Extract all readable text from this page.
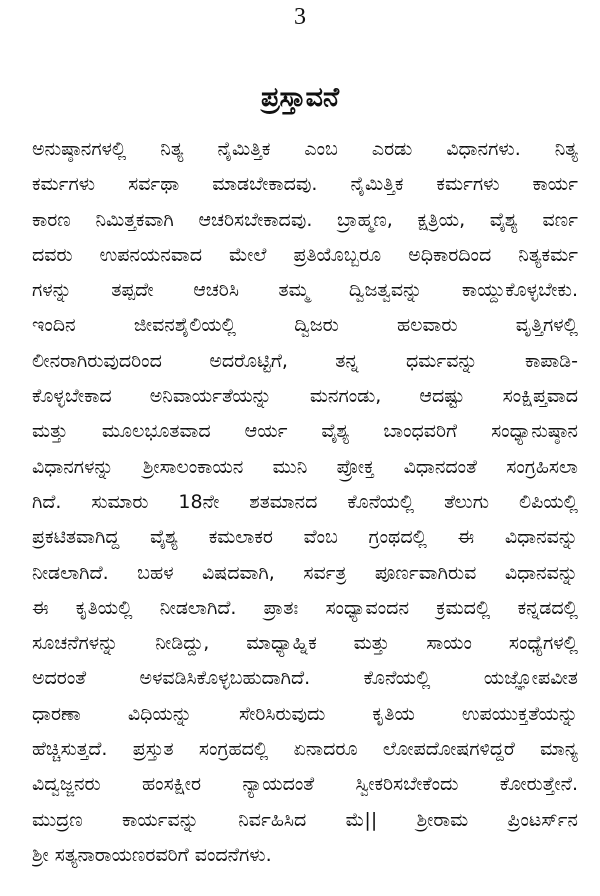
3
ಪ್ರಸ್ತಾವನೆ
ಅನುಷ್ಠಾನಗಳಲ್ಲಿ ನಿತ್ಯ ನೈಮಿತ್ತಿಕ ಎಂಬ ಎರಡು ವಿಧಾನಗಳು. ನಿತ್ಯ
ಕರ್ಮಗಳು ಸರ್ವಥಾ ಮಾಡಬೇಕಾದವು. ನೈಮಿತ್ತಿಕ ಕರ್ಮಗಳು ಕಾರ್ಯ
ಕಾರಣ ನಿಮಿತ್ತಕವಾಗಿ ಆಚರಿಸಬೇಕಾದವು. ಬ್ರಾಹ್ಮಣ, ಕ್ಷತ್ರಿಯ, ವೈಶ್ಯ ವರ್ಣ
ದವರು ಉಪನಯನವಾದ ಮೇಲೆ ಪ್ರತಿಯೊಬ್ಬರೂ ಅಧಿಕಾರದಿಂದ ನಿತ್ಯಕರ್ಮ
ಗಳನ್ನು ತಪ್ಪದೇ ಆಚರಿಸಿ ತಮ್ಮ ದ್ವಿಜತ್ವವನ್ನು ಕಾಯ್ದುಕೊಳ್ಳಬೇಕು.
ಇಂದಿನ ಜೀವನಶೈಲಿಯಲ್ಲಿ ದ್ವಿಜರು ಹಲವಾರು ವೃತ್ತಿಗಳಲ್ಲಿ
ಲೀನರಾಗಿರುವುದರಿಂದ ಅದರೊಟ್ಟಿಗೆ, ತನ್ನ ಧರ್ಮವನ್ನು ಕಾಪಾಡಿ-
ಕೊಳ್ಳಬೇಕಾದ ಅನಿವಾರ್ಯತೆಯನ್ನು ಮನಗಂಡು, ಆದಷ್ಟು ಸಂಕ್ಷಿಪ್ತವಾದ
ಮತ್ತು ಮೂಲಭೂತವಾದ ಆರ್ಯ ವೈಶ್ಯ ಬಾಂಧವರಿಗೆ ಸಂಧ್ಯಾನುಷ್ಠಾನ
ವಿಧಾನಗಳನ್ನು ಶ್ರೀಸಾಲಂಕಾಯನ ಮುನಿ ಪ್ರೋಕ್ತ ವಿಧಾನದಂತೆ ಸಂಗ್ರಹಿಸಲಾ
ಗಿದೆ. ಸುಮಾರು 18ನೇ ಶತಮಾನದ ಕೊನೆಯಲ್ಲಿ ತೆಲುಗು ಲಿಪಿಯಲ್ಲಿ
ಪ್ರಕಟಿತವಾಗಿದ್ದ ವೈಶ್ಯ ಕಮಲಾಕರ ವೆಂಬ ಗ್ರಂಥದಲ್ಲಿ ಈ ವಿಧಾನವನ್ನು
ನೀಡಲಾಗಿದೆ. ಬಹಳ ವಿಷದವಾಗಿ, ಸರ್ವತ್ರ ಪೂರ್ಣವಾಗಿರುವ ವಿಧಾನವನ್ನು
ಈ ಕೃತಿಯಲ್ಲಿ ನೀಡಲಾಗಿದೆ. ಪ್ರಾತಃ ಸಂಧ್ಯಾವಂದನ ಕ್ರಮದಲ್ಲಿ ಕನ್ನಡದಲ್ಲಿ
ಸೂಚನೆಗಳನ್ನು ನೀಡಿದ್ದು, ಮಾಧ್ಯಾಹ್ನಿಕ ಮತ್ತು ಸಾಯಂ ಸಂಧ್ಯೆಗಳಲ್ಲಿ
ಅದರಂತೆ ಅಳವಡಿಸಿಕೊಳ್ಳಬಹುದಾಗಿದೆ. ಕೊನೆಯಲ್ಲಿ ಯಜ್ಞೋಪವೀತ
ಧಾರಣಾ ವಿಧಿಯನ್ನು ಸೇರಿಸಿರುವುದು ಕೃತಿಯ ಉಪಯುಕ್ತತೆಯನ್ನು
ಹೆಚ್ಚಿಸುತ್ತದೆ. ಪ್ರಸ್ತುತ ಸಂಗ್ರಹದಲ್ಲಿ ಏನಾದರೂ ಲೋಪದೋಷಗಳಿದ್ದರೆ ಮಾನ್ಯ
ವಿದ್ವಜ್ಜನರು ಹಂಸಕ್ಷೀರ ನ್ಯಾಯದಂತೆ ಸ್ವೀಕರಿಸಬೇಕೆಂದು ಕೋರುತ್ತೇನೆ.
ಮುದ್ರಣ ಕಾರ್ಯವನ್ನು ನಿರ್ವಹಿಸಿದ ಮೆ|| ಶ್ರೀರಾಮ ಪ್ರಿಂಟರ್ಸ್‌ನ
ಶ್ರೀ ಸತ್ಯನಾರಾಯಣರವರಿಗೆ ವಂದನೆಗಳು.
